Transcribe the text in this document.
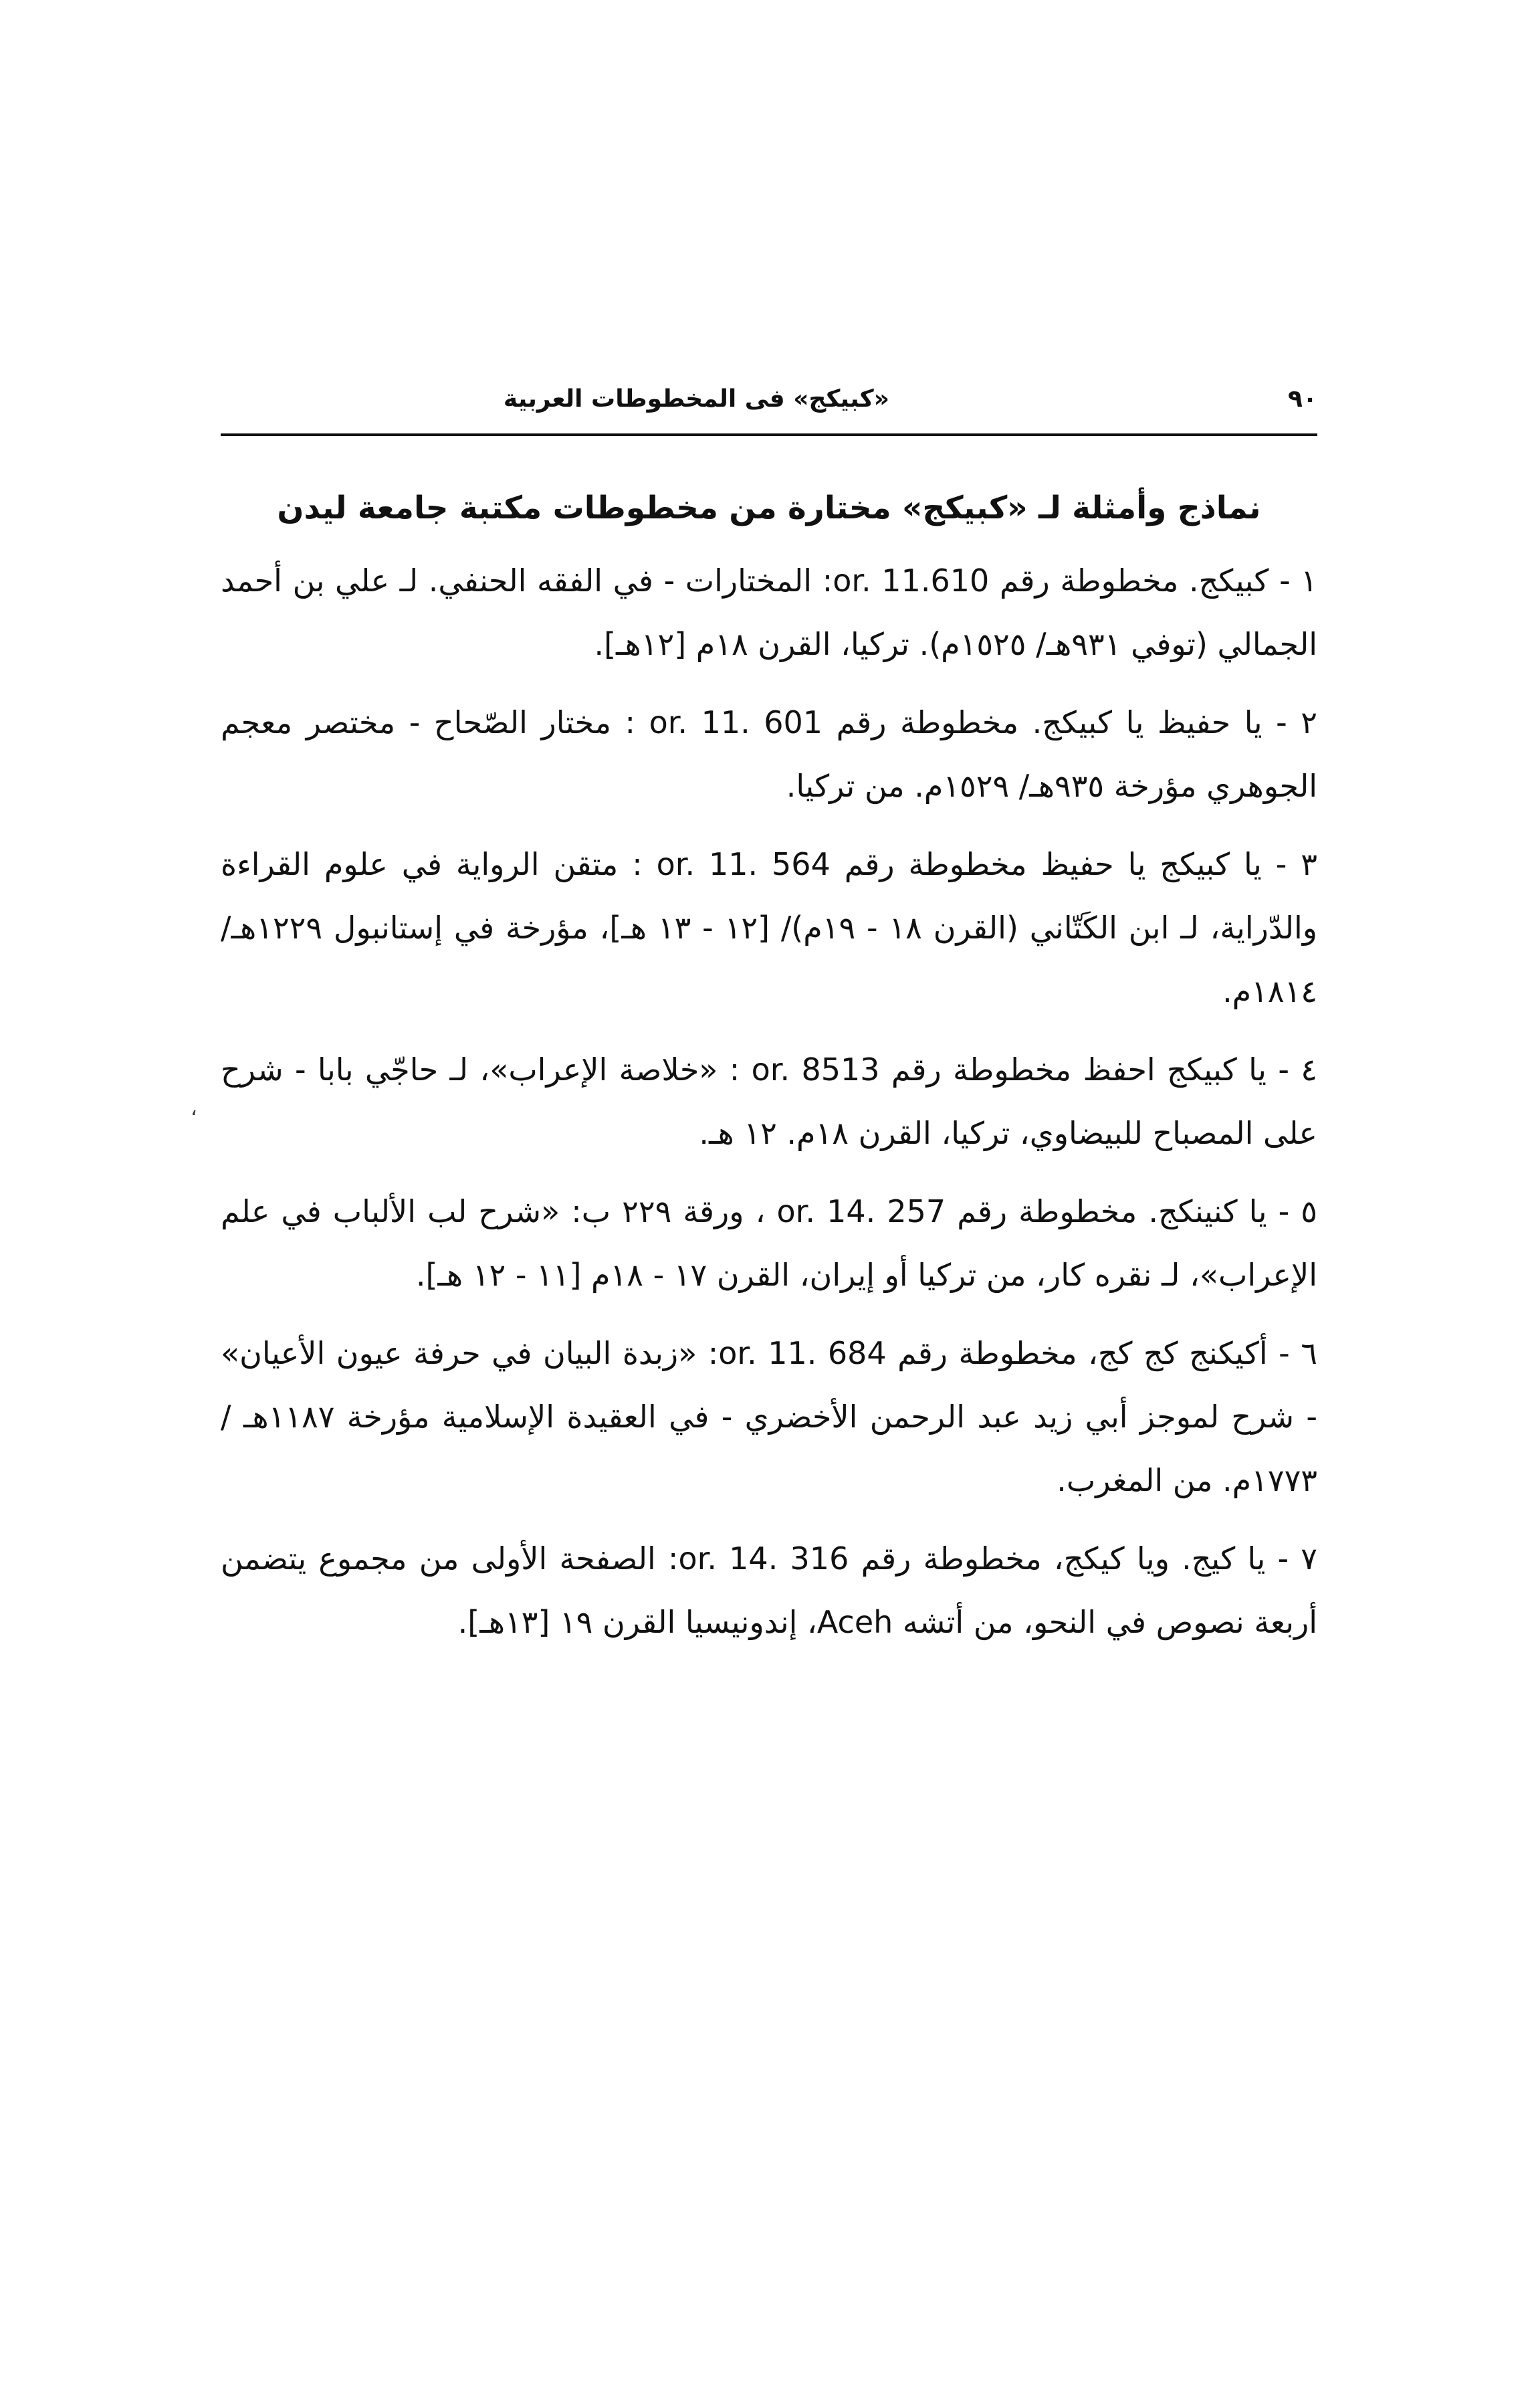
«كبيكج» فى المخطوطات العربية	٩٠
نماذج وأمثلة لـ «كبيكج» مختارة من مخطوطات مكتبة جامعة ليدن

١ - كبيكج. مخطوطة رقم or. 11.610: المختارات - في الفقه الحنفي. لـ علي بن أحمد الجمالي (توفي ٩٣١هـ/ ١٥٢٥م). تركيا، القرن ١٨م [١٢هـ].

٢ - يا حفيظ يا كبيكج. مخطوطة رقم or. 11. 601 : مختار الصّحاح - مختصر معجم الجوهري مؤرخة ٩٣٥هـ/ ١٥٢٩م. من تركيا.

٣ - يا كبيكج يا حفيظ مخطوطة رقم or. 11. 564 : متقن الرواية في علوم القراءة والدّراية، لـ ابن الكَتّاني (القرن ١٨ - ١٩م)/ [١٢ - ١٣ هـ]، مؤرخة في إستانبول ١٢٢٩هـ/ ١٨١٤م.

٤ - يا كبيكج احفظ مخطوطة رقم or. 8513 : «خلاصة الإعراب»، لـ حاجّي بابا - شرح على المصباح للبيضاوي، تركيا، القرن ١٨م. ١٢ هـ.

٥ - يا كنينكج. مخطوطة رقم or. 14. 257 ، ورقة ٢٢٩ ب: «شرح لب الألباب في علم الإعراب»، لـ نقره كار، من تركيا أو إيران، القرن ١٧ - ١٨م [١١ - ١٢ هـ].

٦ - أكيكنج كج كج، مخطوطة رقم or. 11. 684: «زبدة البيان في حرفة عيون الأعيان» - شرح لموجز أبي زيد عبد الرحمن الأخضري - في العقيدة الإسلامية مؤرخة ١١٨٧هـ / ١٧٧٣م. من المغرب.

٧ - يا كيج. ويا كيكج، مخطوطة رقم or. 14. 316: الصفحة الأولى من مجموع يتضمن أربعة نصوص في النحو، من أتشه Aceh، إندونيسيا القرن ١٩ [١٣هـ].

،
